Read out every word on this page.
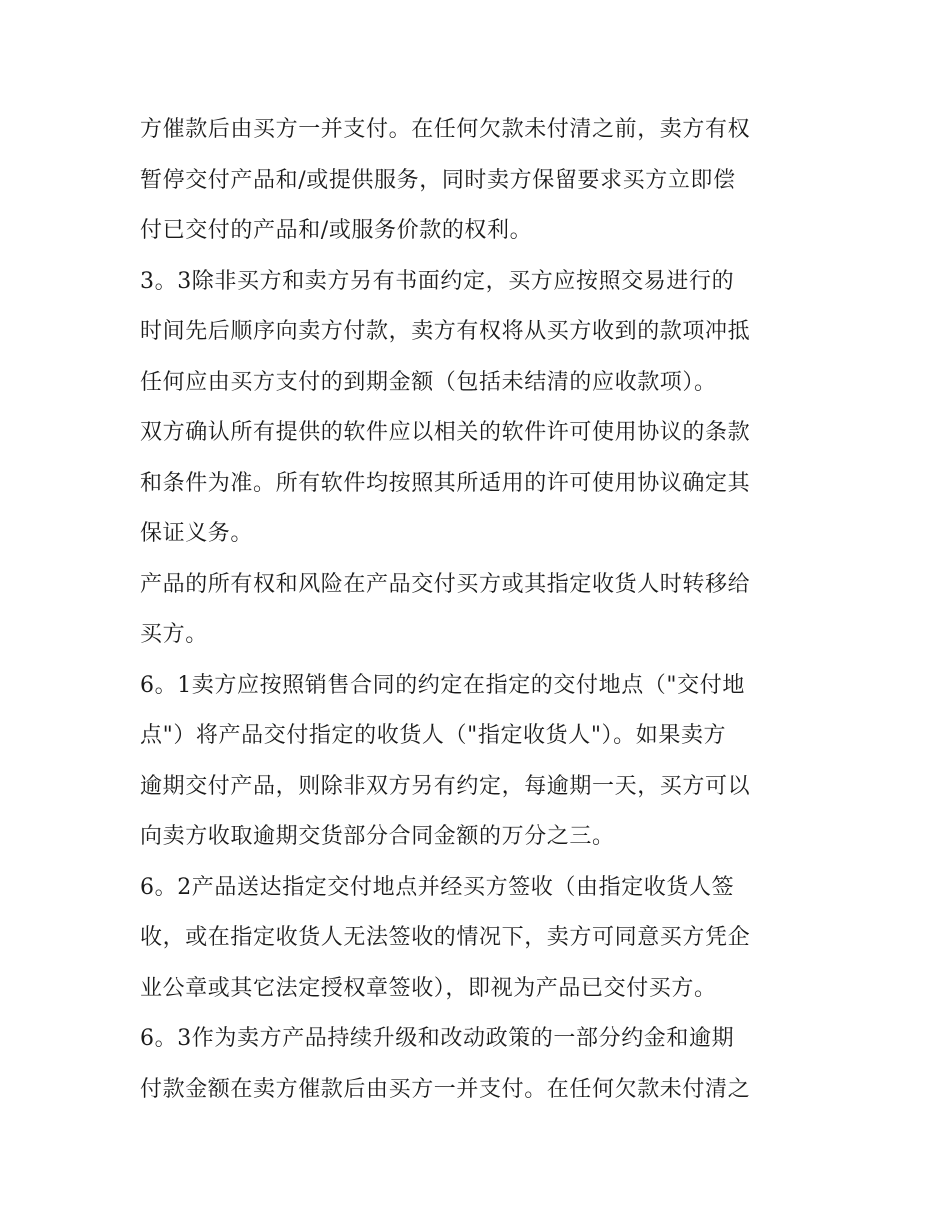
方催款后由买方一并支付。在任何欠款未付清之前，卖方有权
暂停交付产品和/或提供服务，同时卖方保留要求买方立即偿
付已交付的产品和/或服务价款的权利。
3。3除非买方和卖方另有书面约定，买方应按照交易进行的
时间先后顺序向卖方付款，卖方有权将从买方收到的款项冲抵
任何应由买方支付的到期金额（包括未结清的应收款项）。
双方确认所有提供的软件应以相关的软件许可使用协议的条款
和条件为准。所有软件均按照其所适用的许可使用协议确定其
保证义务。
产品的所有权和风险在产品交付买方或其指定收货人时转移给
买方。
6。1卖方应按照销售合同的约定在指定的交付地点（"交付地
点"）将产品交付指定的收货人（"指定收货人"）。如果卖方
逾期交付产品，则除非双方另有约定，每逾期一天，买方可以
向卖方收取逾期交货部分合同金额的万分之三。
6。2产品送达指定交付地点并经买方签收（由指定收货人签
收，或在指定收货人无法签收的情况下，卖方可同意买方凭企
业公章或其它法定授权章签收），即视为产品已交付买方。
6。3作为卖方产品持续升级和改动政策的一部分约金和逾期
付款金额在卖方催款后由买方一并支付。在任何欠款未付清之
